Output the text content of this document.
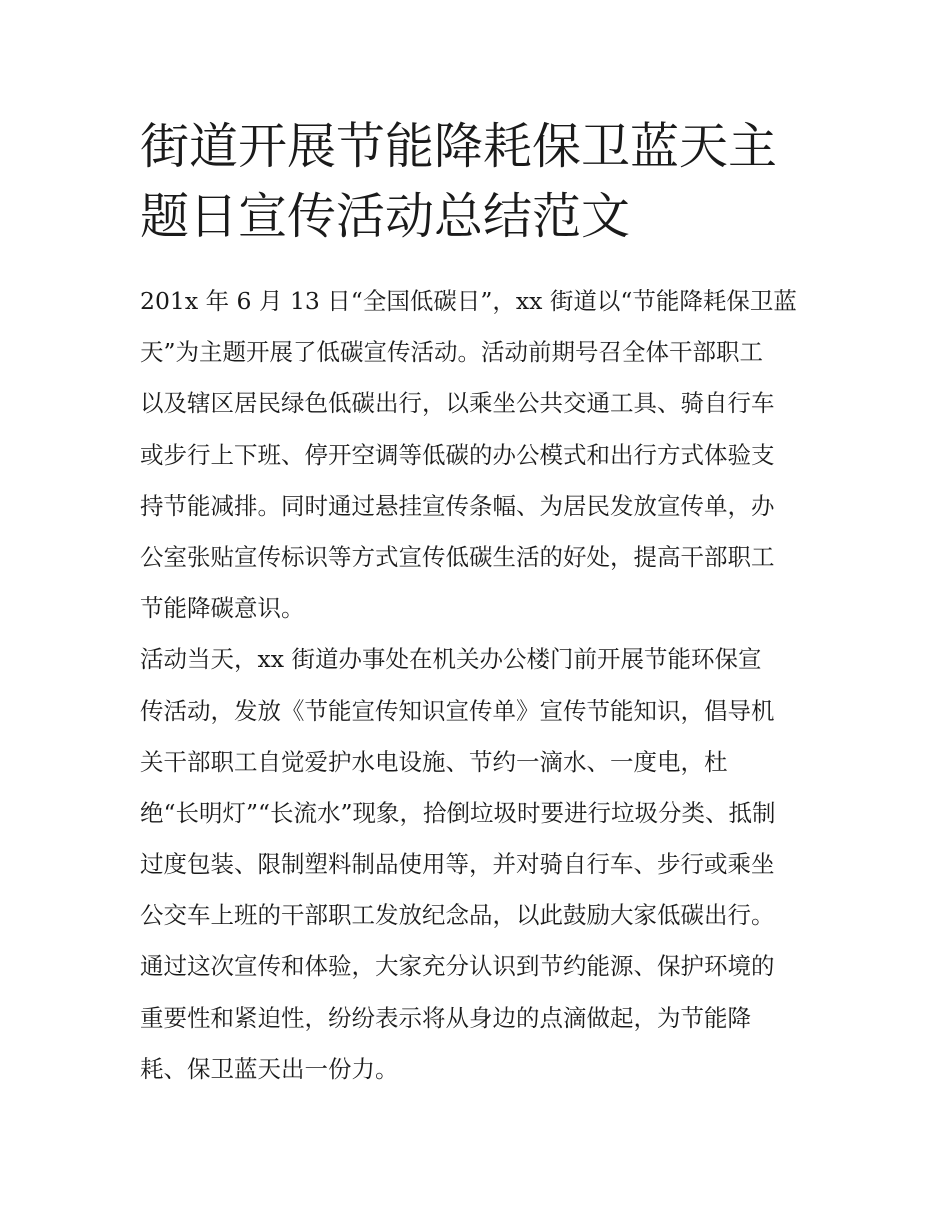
街道开展节能降耗保卫蓝天主
题日宣传活动总结范文
201x 年 6 月 13 日“全国低碳日”，xx 街道以“节能降耗保卫蓝
天”为主题开展了低碳宣传活动。活动前期号召全体干部职工
以及辖区居民绿色低碳出行，以乘坐公共交通工具、骑自行车
或步行上下班、停开空调等低碳的办公模式和出行方式体验支
持节能减排。同时通过悬挂宣传条幅、为居民发放宣传单，办
公室张贴宣传标识等方式宣传低碳生活的好处，提高干部职工
节能降碳意识。
活动当天，xx 街道办事处在机关办公楼门前开展节能环保宣
传活动，发放《节能宣传知识宣传单》宣传节能知识，倡导机
关干部职工自觉爱护水电设施、节约一滴水、一度电，杜
绝“长明灯”“长流水”现象，拾倒垃圾时要进行垃圾分类、抵制
过度包装、限制塑料制品使用等，并对骑自行车、步行或乘坐
公交车上班的干部职工发放纪念品，以此鼓励大家低碳出行。
通过这次宣传和体验，大家充分认识到节约能源、保护环境的
重要性和紧迫性，纷纷表示将从身边的点滴做起，为节能降
耗、保卫蓝天出一份力。
